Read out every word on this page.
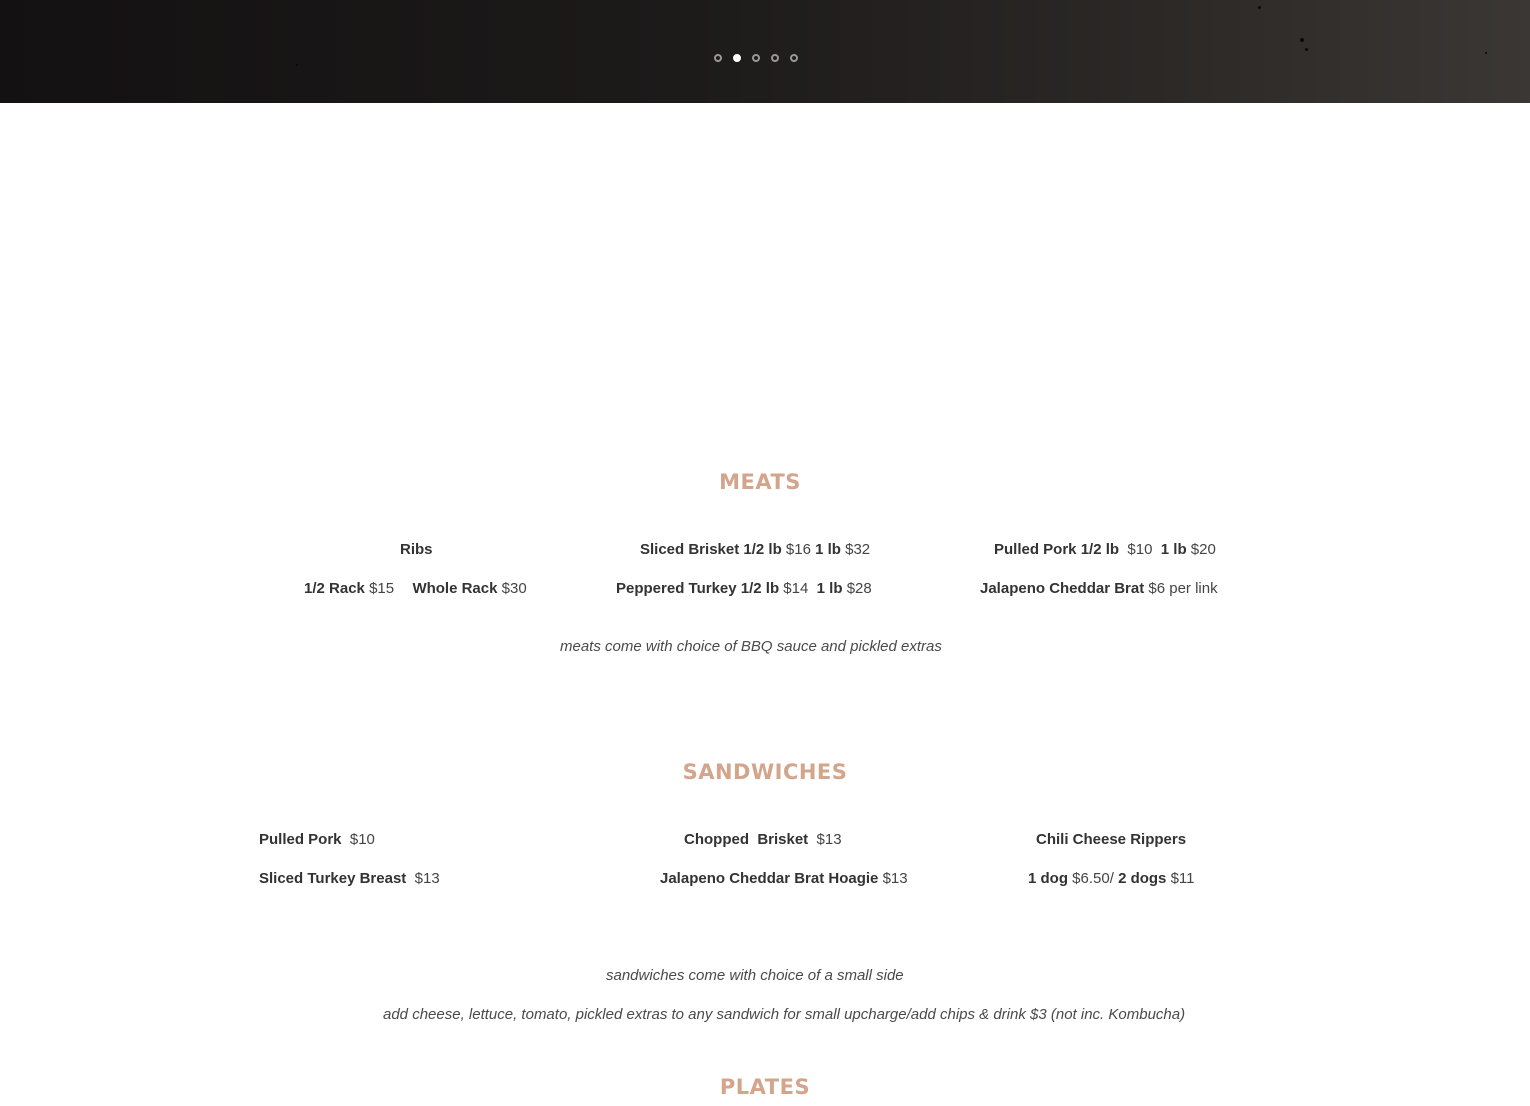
MEATS
Ribs
1/2 Rack $15 Whole Rack $30
Sliced Brisket 1/2 lb $16 1 lb $32
Peppered Turkey 1/2 lb $14 1 lb $28
Pulled Pork 1/2 lb $10 1 lb $20
Jalapeno Cheddar Brat $6 per link
meats come with choice of BBQ sauce and pickled extras
SANDWICHES
Pulled Pork $10
Sliced Turkey Breast $13
Chopped  Brisket $13
Jalapeno Cheddar Brat Hoagie $13
Chili Cheese Rippers
1 dog $6.50/ 2 dogs $11
sandwiches come with choice of a small side
add cheese, lettuce, tomato, pickled extras to any sandwich for small upcharge/add chips & drink $3 (not inc. Kombucha)
PLATES
